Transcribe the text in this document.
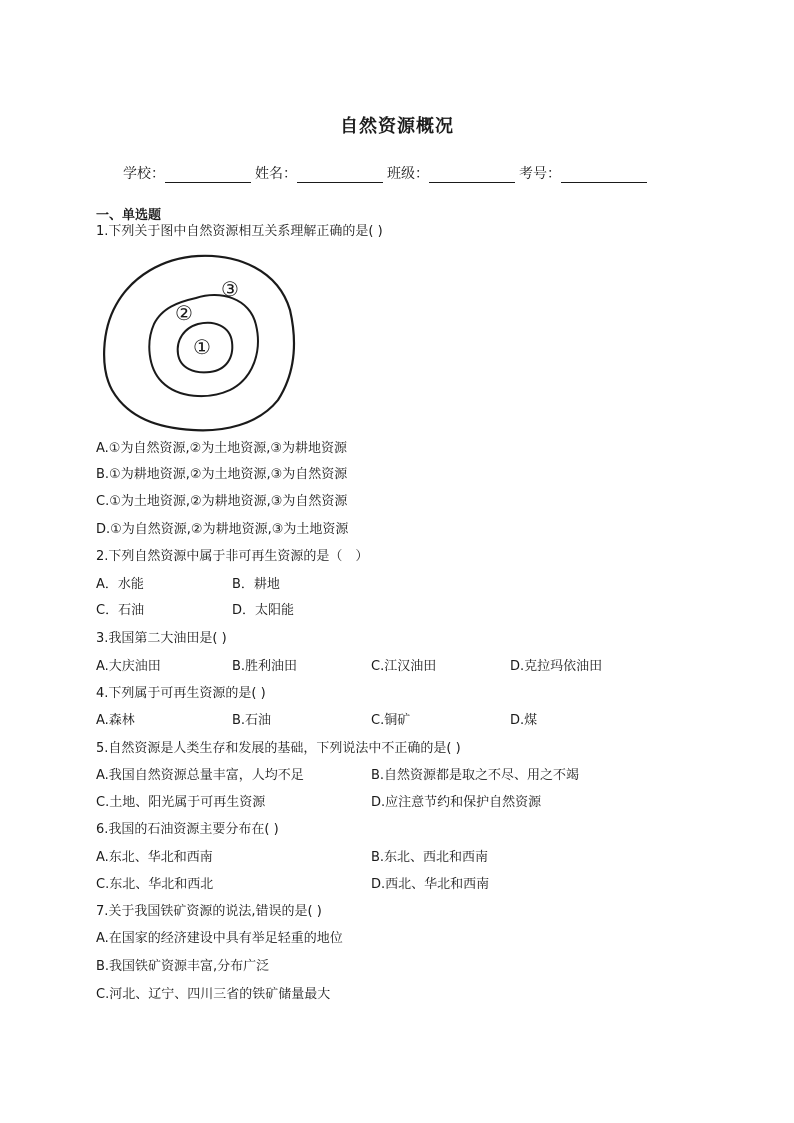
自然资源概况
学校：	姓名：	班级：	考号：
一、单选题
1.下列关于图中自然资源相互关系理解正确的是( )
①
②
③
A.①为自然资源,②为土地资源,③为耕地资源
B.①为耕地资源,②为土地资源,③为自然资源
C.①为土地资源,②为耕地资源,③为自然资源
D.①为自然资源,②为耕地资源,③为土地资源
2.下列自然资源中属于非可再生资源的是（　）
A．水能	B．耕地
C．石油	D．太阳能
3.我国第二大油田是( )
A.大庆油田	B.胜利油田	C.江汉油田	D.克拉玛依油田
4.下列属于可再生资源的是( )
A.森林	B.石油	C.铜矿	D.煤
5.自然资源是人类生存和发展的基础，下列说法中不正确的是( )
A.我国自然资源总量丰富，人均不足	B.自然资源都是取之不尽、用之不竭
C.土地、阳光属于可再生资源	D.应注意节约和保护自然资源
6.我国的石油资源主要分布在( )
A.东北、华北和西南	B.东北、西北和西南
C.东北、华北和西北	D.西北、华北和西南
7.关于我国铁矿资源的说法,错误的是( )
A.在国家的经济建设中具有举足轻重的地位
B.我国铁矿资源丰富,分布广泛
C.河北、辽宁、四川三省的铁矿储量最大
